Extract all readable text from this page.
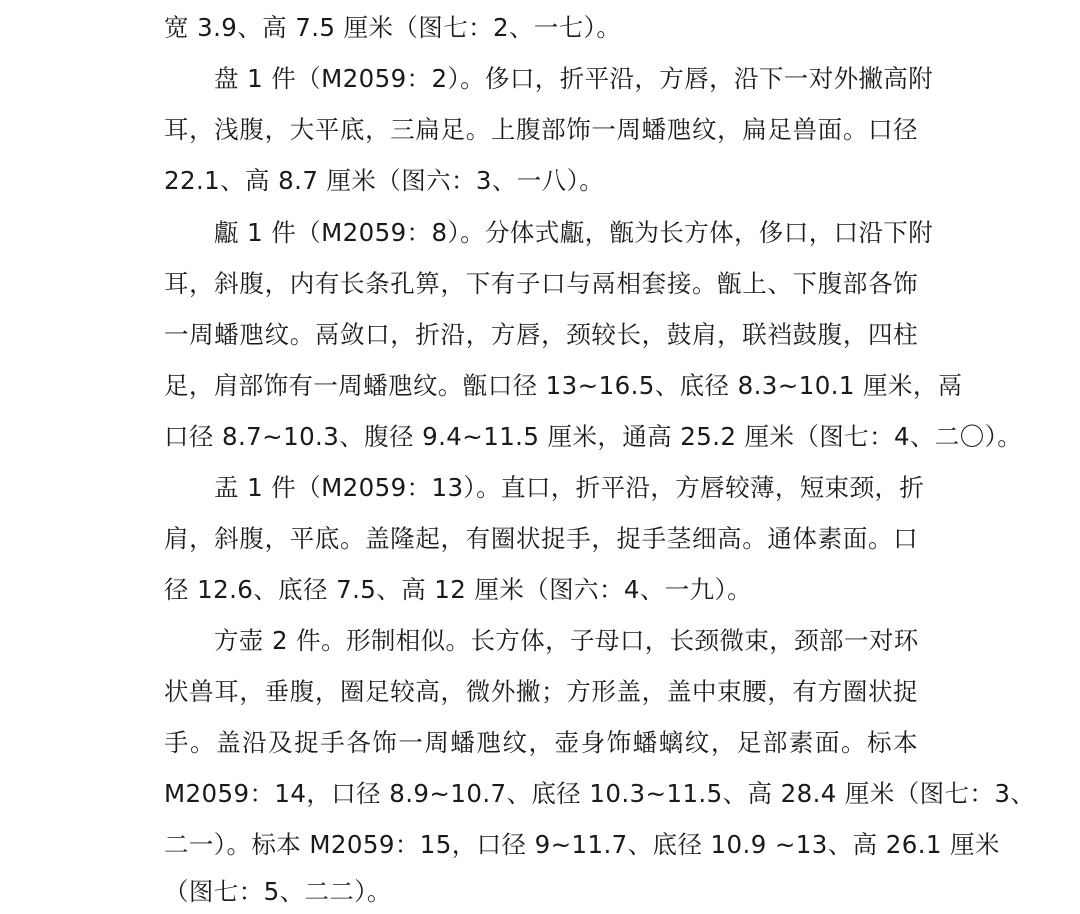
宽 3.9、高 7.5 厘米（图七：2、一七）。
盘 1 件（M2059：2）。侈口，折平沿，方唇，沿下一对外撇高附
耳，浅腹，大平底，三扁足。上腹部饰一周蟠虺纹，扁足兽面。口径
22.1、高 8.7 厘米（图六：3、一八）。
甗 1 件（M2059：8）。分体式甗，甑为长方体，侈口，口沿下附
耳，斜腹，内有长条孔箅，下有子口与鬲相套接。甑上、下腹部各饰
一周蟠虺纹。鬲敛口，折沿，方唇，颈较长，鼓肩，联裆鼓腹，四柱
足，肩部饰有一周蟠虺纹。甑口径 13~16.5、底径 8.3~10.1 厘米，鬲
口径 8.7~10.3、腹径 9.4~11.5 厘米，通高 25.2 厘米（图七：4、二〇）。
盂 1 件（M2059：13）。直口，折平沿，方唇较薄，短束颈，折
肩，斜腹，平底。盖隆起，有圈状捉手，捉手茎细高。通体素面。口
径 12.6、底径 7.5、高 12 厘米（图六：4、一九）。
方壶 2 件。形制相似。长方体，子母口，长颈微束，颈部一对环
状兽耳，垂腹，圈足较高，微外撇；方形盖，盖中束腰，有方圈状捉
手。盖沿及捉手各饰一周蟠虺纹，壶身饰蟠螭纹，足部素面。标本
M2059：14，口径 8.9~10.7、底径 10.3~11.5、高 28.4 厘米（图七：3、
二一）。标本 M2059：15，口径 9~11.7、底径 10.9 ~13、高 26.1 厘米
（图七：5、二二）。
